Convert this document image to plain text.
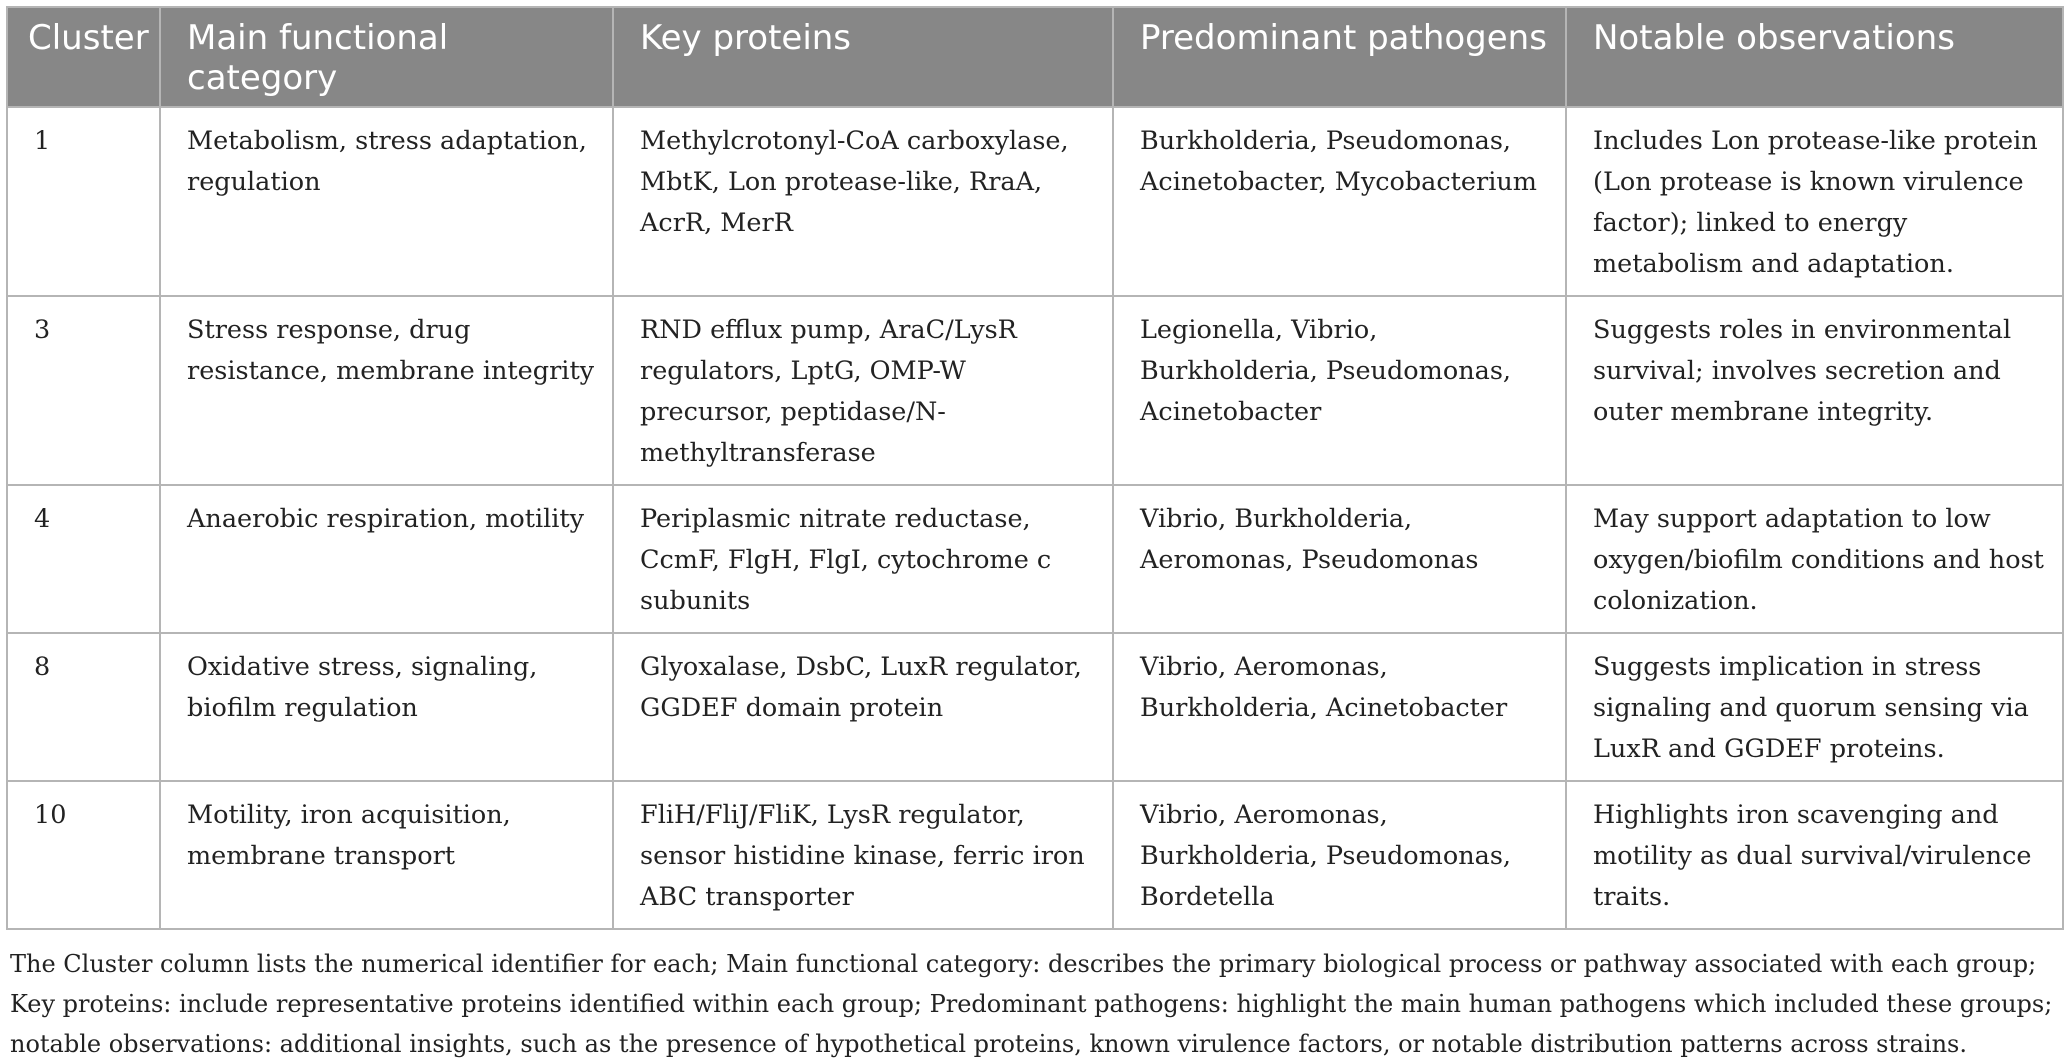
Cluster	Main functional category	Key proteins	Predominant pathogens	Notable observations
1	Metabolism, stress adaptation, regulation	Methylcrotonyl-CoA carboxylase, MbtK, Lon protease-like, RraA, AcrR, MerR	Burkholderia, Pseudomonas, Acinetobacter, Mycobacterium	Includes Lon protease-like protein (Lon protease is known virulence factor); linked to energy metabolism and adaptation.
3	Stress response, drug resistance, membrane integrity	RND efflux pump, AraC/LysR regulators, LptG, OMP-W precursor, peptidase/N-methyltransferase	Legionella, Vibrio, Burkholderia, Pseudomonas, Acinetobacter	Suggests roles in environmental survival; involves secretion and outer membrane integrity.
4	Anaerobic respiration, motility	Periplasmic nitrate reductase, CcmF, FlgH, FlgI, cytochrome c subunits	Vibrio, Burkholderia, Aeromonas, Pseudomonas	May support adaptation to low oxygen/biofilm conditions and host colonization.
8	Oxidative stress, signaling, biofilm regulation	Glyoxalase, DsbC, LuxR regulator, GGDEF domain protein	Vibrio, Aeromonas, Burkholderia, Acinetobacter	Suggests implication in stress signaling and quorum sensing via LuxR and GGDEF proteins.
10	Motility, iron acquisition, membrane transport	FliH/FliJ/FliK, LysR regulator, sensor histidine kinase, ferric iron ABC transporter	Vibrio, Aeromonas, Burkholderia, Pseudomonas, Bordetella	Highlights iron scavenging and motility as dual survival/virulence traits.
The Cluster column lists the numerical identifier for each; Main functional category: describes the primary biological process or pathway associated with each group; Key proteins: include representative proteins identified within each group; Predominant pathogens: highlight the main human pathogens which included these groups; notable observations: additional insights, such as the presence of hypothetical proteins, known virulence factors, or notable distribution patterns across strains.
